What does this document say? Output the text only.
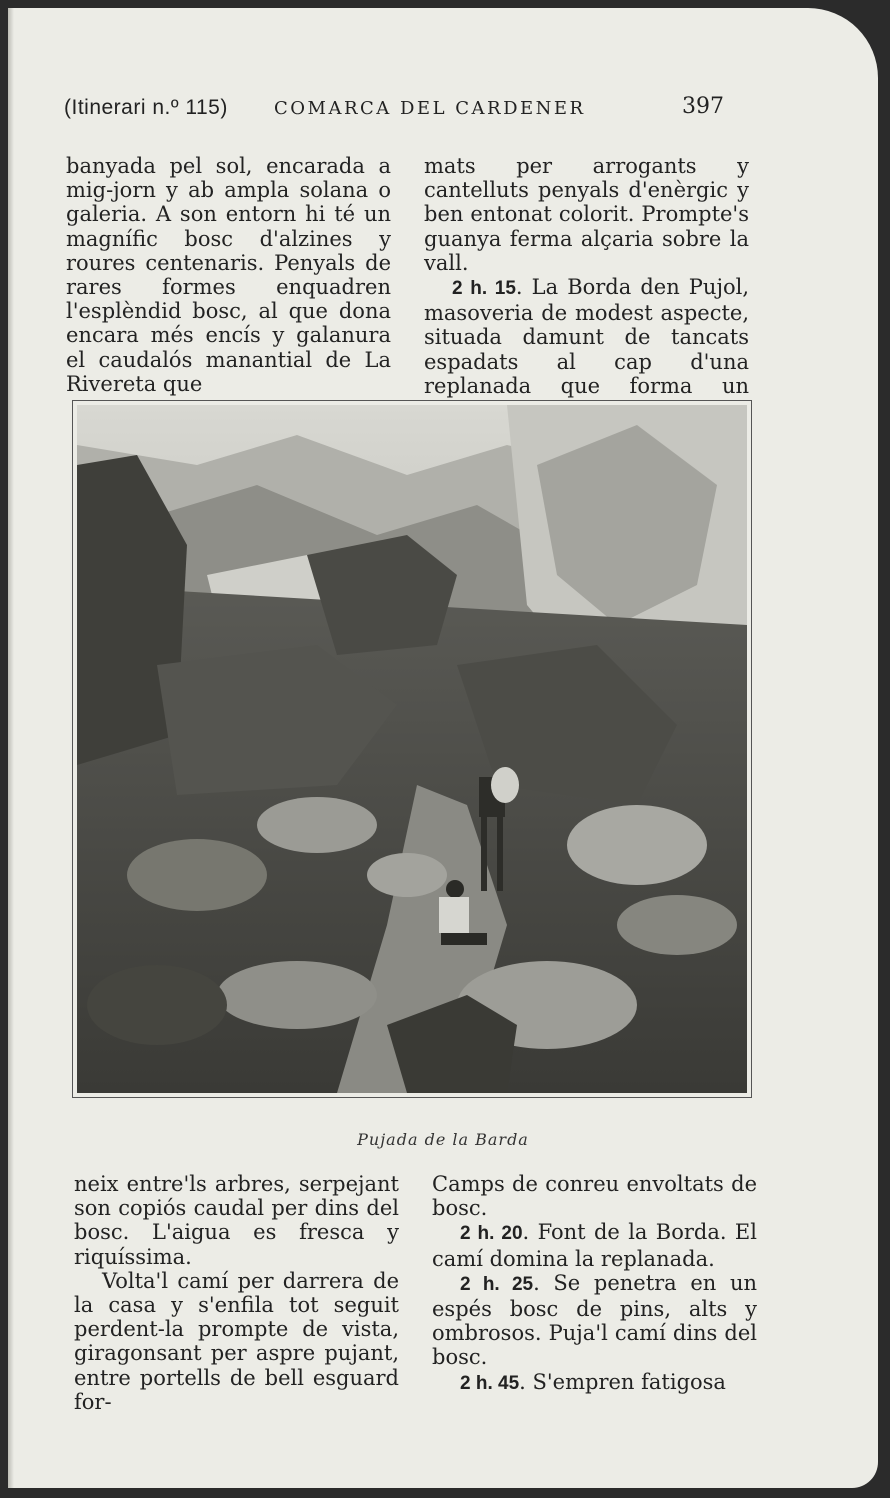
(Itinerari n.º 115)	COMARCA DEL CARDENER	397

banyada pel sol, encarada a mig-jorn y ab ampla solana o galeria. A son entorn hi té un magnífic bosc d'alzines y roures centenaris. Penyals de rares formes enquadren l'esplèndid bosc, al que dona encara més encís y galanura el caudalós manantial de La Rivereta que

mats per arrogants y cantelluts penyals d'enèrgic y ben entonat colorit. Prompte's guanya ferma alçaria sobre la vall.

2 h. 15. La Borda den Pujol, masoveria de modest aspecte, situada damunt de tancats espadats al cap d'una replanada que forma un

Pujada de la Barda

neix entre'ls arbres, serpejant son copiós caudal per dins del bosc. L'aigua es fresca y riquíssima.

Volta'l camí per darrera de la casa y s'enfila tot seguit perdent-la prompte de vista, giragonsant per aspre pujant, entre portells de bell esguard for-

Camps de conreu envoltats de bosc.

2 h. 20. Font de la Borda. El camí domina la replanada.

2 h. 25. Se penetra en un espés bosc de pins, alts y ombrosos. Puja'l camí dins del bosc.

2 h. 45. S'empren fatigosa
